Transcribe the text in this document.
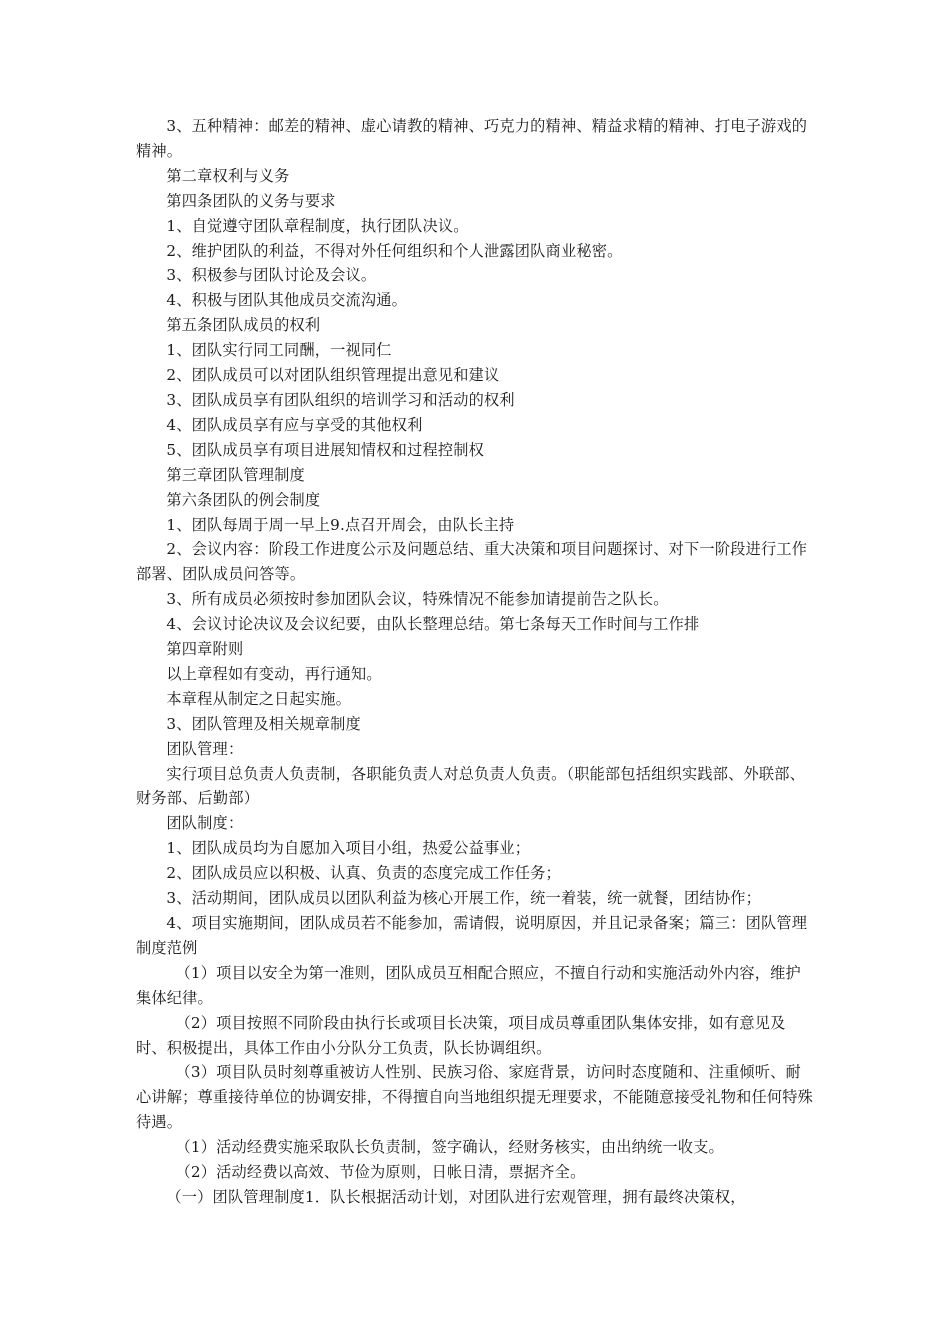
3、五种精神：邮差的精神、虚心请教的精神、巧克力的精神、精益求精的精神、打电子游戏的精神。

第二章权利与义务

第四条团队的义务与要求

1、自觉遵守团队章程制度，执行团队决议。

2、维护团队的利益，不得对外任何组织和个人泄露团队商业秘密。

3、积极参与团队讨论及会议。

4、积极与团队其他成员交流沟通。

第五条团队成员的权利

1、团队实行同工同酬，一视同仁

2、团队成员可以对团队组织管理提出意见和建议

3、团队成员享有团队组织的培训学习和活动的权利

4、团队成员享有应与享受的其他权利

5、团队成员享有项目进展知情权和过程控制权

第三章团队管理制度

第六条团队的例会制度

1、团队每周于周一早上9.点召开周会，由队长主持

2、会议内容：阶段工作进度公示及问题总结、重大决策和项目问题探讨、对下一阶段进行工作部署、团队成员问答等。

3、所有成员必须按时参加团队会议，特殊情况不能参加请提前告之队长。

4、会议讨论决议及会议纪要，由队长整理总结。第七条每天工作时间与工作排

第四章附则

以上章程如有变动，再行通知。

本章程从制定之日起实施。

3、团队管理及相关规章制度

团队管理：

实行项目总负责人负责制，各职能负责人对总负责人负责。（职能部包括组织实践部、外联部、财务部、后勤部）

团队制度：

1、团队成员均为自愿加入项目小组，热爱公益事业；

2、团队成员应以积极、认真、负责的态度完成工作任务；

3、活动期间，团队成员以团队利益为核心开展工作，统一着装，统一就餐，团结协作；

4、项目实施期间，团队成员若不能参加，需请假，说明原因，并且记录备案；篇三：团队管理制度范例

（1）项目以安全为第一准则，团队成员互相配合照应，不擅自行动和实施活动外内容，维护集体纪律。

（2）项目按照不同阶段由执行长或项目长决策，项目成员尊重团队集体安排，如有意见及时、积极提出，具体工作由小分队分工负责，队长协调组织。

（3）项目队员时刻尊重被访人性别、民族习俗、家庭背景，访问时态度随和、注重倾听、耐心讲解；尊重接待单位的协调安排，不得擅自向当地组织提无理要求，不能随意接受礼物和任何特殊待遇。

（1）活动经费实施采取队长负责制，签字确认，经财务核实，由出纳统一收支。

（2）活动经费以高效、节俭为原则，日帐日清，票据齐全。

（一）团队管理制度1．队长根据活动计划，对团队进行宏观管理，拥有最终决策权，
